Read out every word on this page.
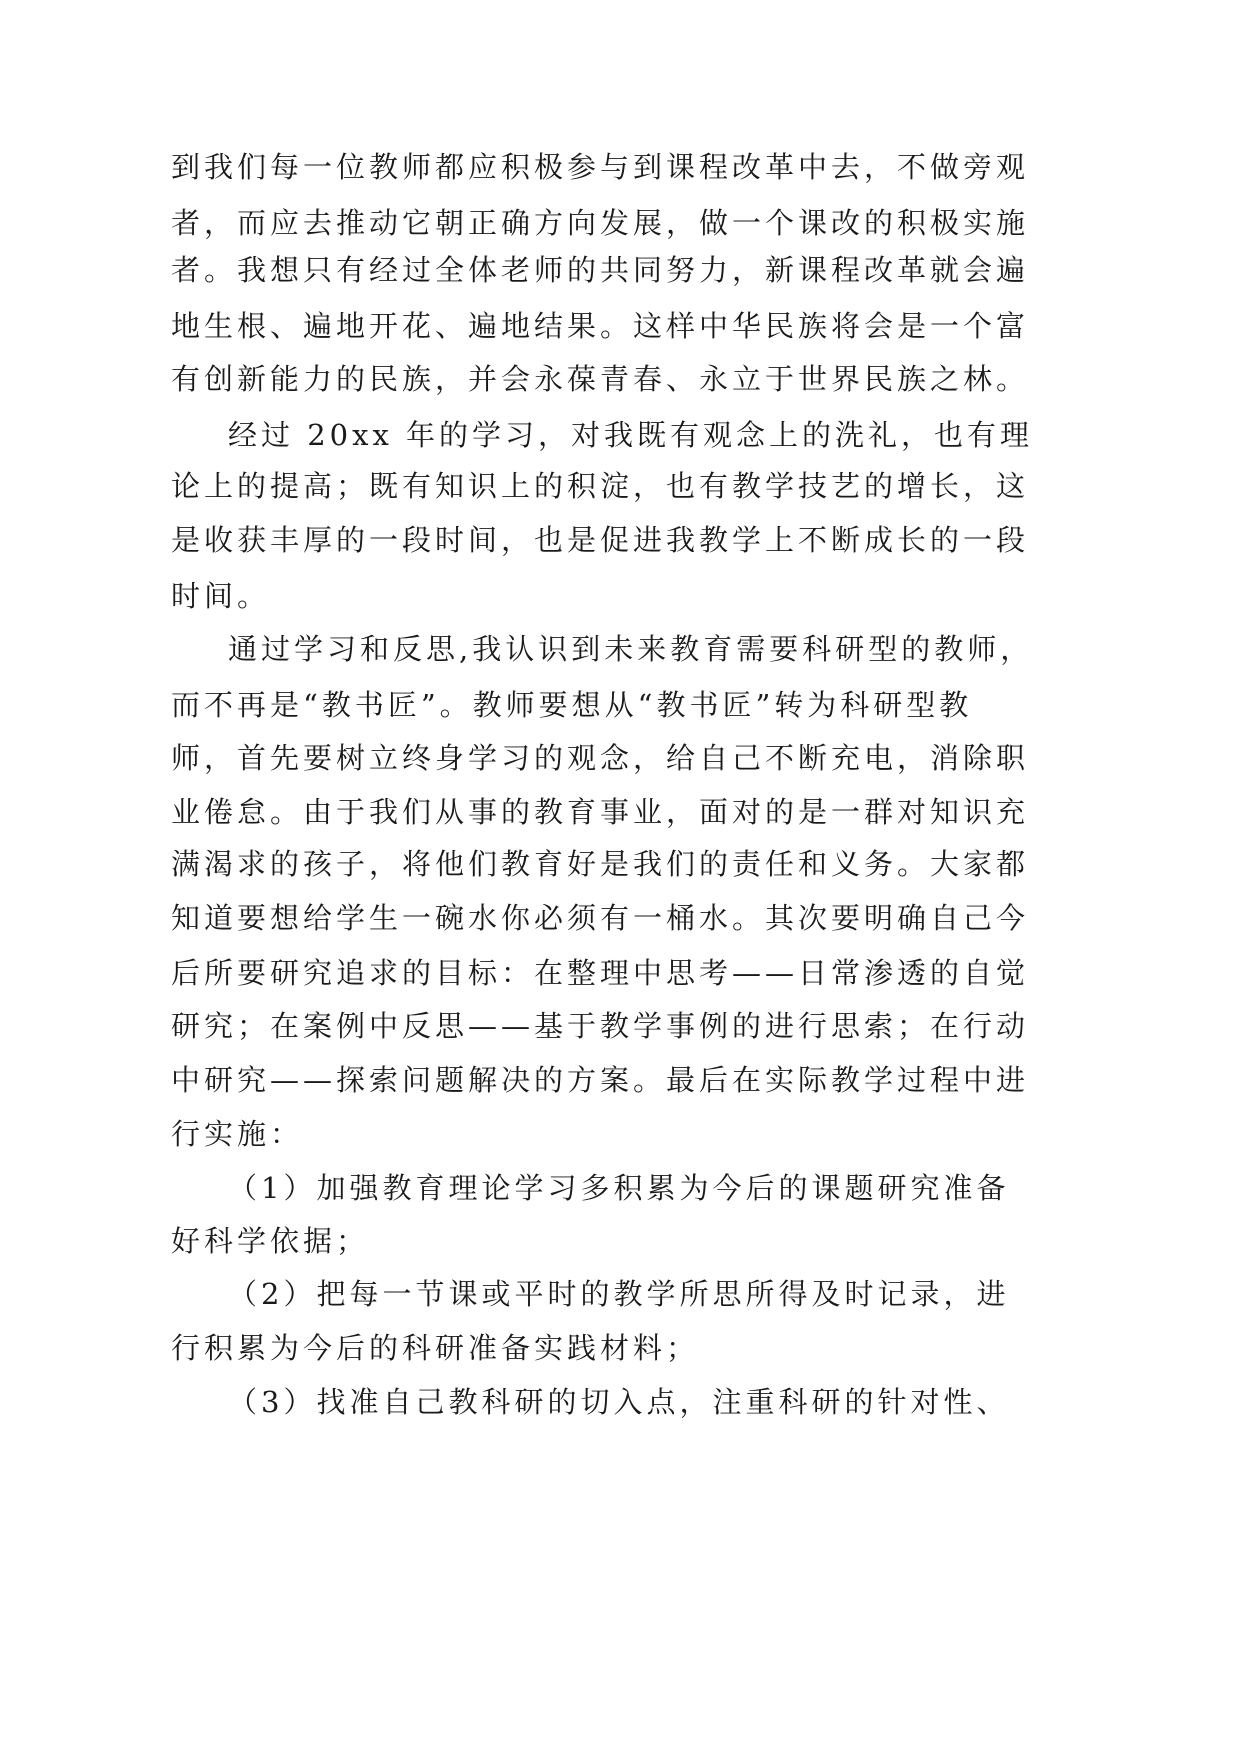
到我们每一位教师都应积极参与到课程改革中去，不做旁观
者，而应去推动它朝正确方向发展，做一个课改的积极实施
者。我想只有经过全体老师的共同努力，新课程改革就会遍
地生根、遍地开花、遍地结果。这样中华民族将会是一个富
有创新能力的民族，并会永葆青春、永立于世界民族之林。
经过 20xx 年的学习，对我既有观念上的洗礼，也有理
论上的提高；既有知识上的积淀，也有教学技艺的增长，这
是收获丰厚的一段时间，也是促进我教学上不断成长的一段
时间。
通过学习和反思,我认识到未来教育需要科研型的教师，
而不再是“教书匠”。教师要想从“教书匠”转为科研型教
师，首先要树立终身学习的观念，给自己不断充电，消除职
业倦怠。由于我们从事的教育事业，面对的是一群对知识充
满渴求的孩子，将他们教育好是我们的责任和义务。大家都
知道要想给学生一碗水你必须有一桶水。其次要明确自己今
后所要研究追求的目标：在整理中思考——日常渗透的自觉
研究；在案例中反思——基于教学事例的进行思索；在行动
中研究——探索问题解决的方案。最后在实际教学过程中进
行实施：
（1）加强教育理论学习多积累为今后的课题研究准备
好科学依据；
（2）把每一节课或平时的教学所思所得及时记录，进
行积累为今后的科研准备实践材料；
（3）找准自己教科研的切入点，注重科研的针对性、
